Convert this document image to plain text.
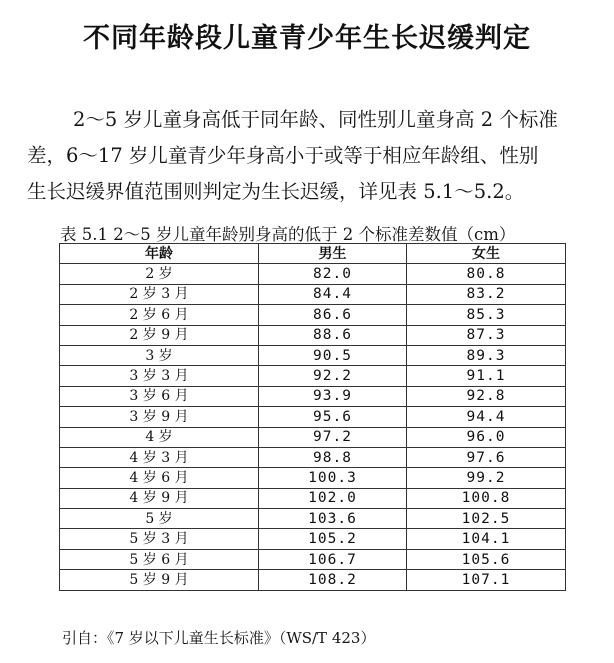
不同年龄段儿童青少年生长迟缓判定
2～5 岁儿童身高低于同年龄、同性别儿童身高 2 个标准
差，6～17 岁儿童青少年身高小于或等于相应年龄组、性别
生长迟缓界值范围则判定为生长迟缓，详见表 5.1～5.2。
表 5.1 2～5 岁儿童年龄别身高的低于 2 个标准差数值（cm）
年龄	男生	女生
2 岁	82.0	80.8
2 岁 3 月	84.4	83.2
2 岁 6 月	86.6	85.3
2 岁 9 月	88.6	87.3
3 岁	90.5	89.3
3 岁 3 月	92.2	91.1
3 岁 6 月	93.9	92.8
3 岁 9 月	95.6	94.4
4 岁	97.2	96.0
4 岁 3 月	98.8	97.6
4 岁 6 月	100.3	99.2
4 岁 9 月	102.0	100.8
5 岁	103.6	102.5
5 岁 3 月	105.2	104.1
5 岁 6 月	106.7	105.6
5 岁 9 月	108.2	107.1
引自：《7 岁以下儿童生长标准》（WS/T 423）
